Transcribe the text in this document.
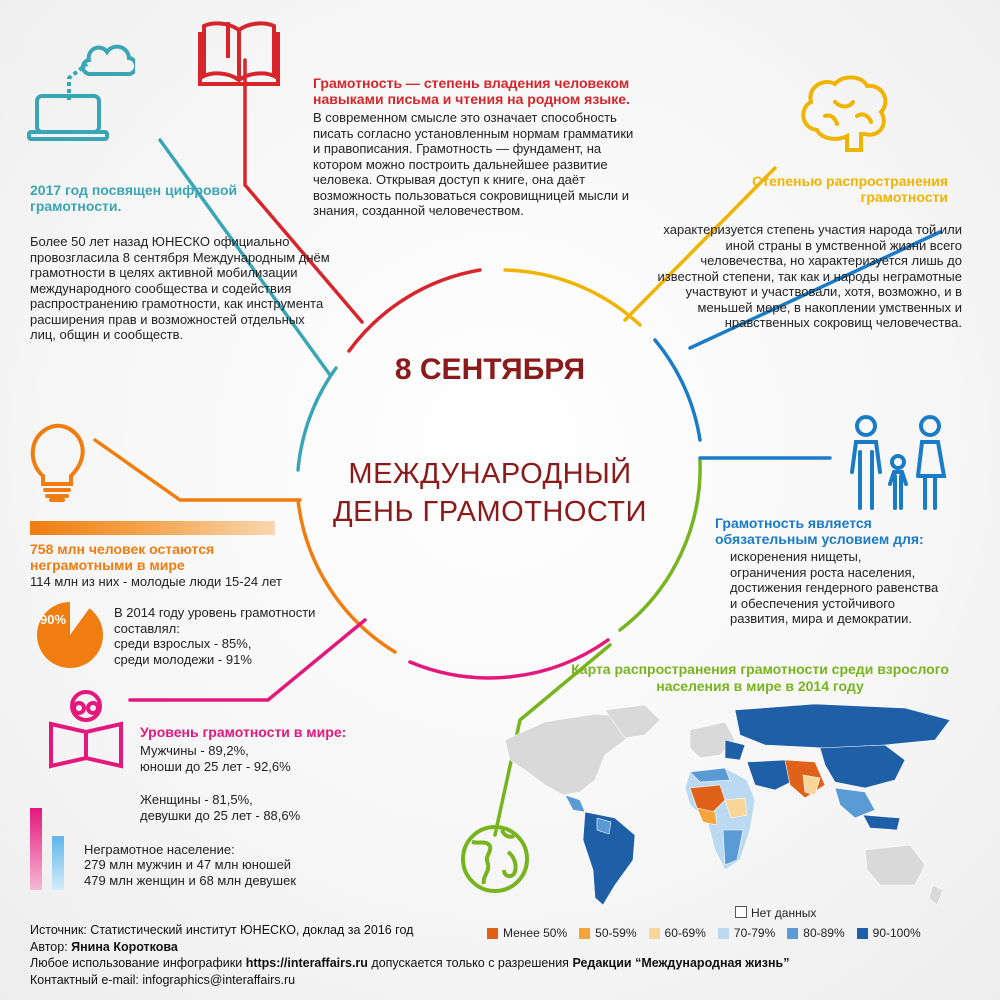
8 СЕНТЯБРЯ
МЕЖДУНАРОДНЫЙ ДЕНЬ ГРАМОТНОСТИ
Грамотность — степень владения человеком навыками письма и чтения на родном языке.
В современном смысле это означает способность писать согласно установленным нормам грамматики и правописания. Грамотность — фундамент, на котором можно построить дальнейшее развитие человека. Открывая доступ к книге, она даёт возможность пользоваться сокровищницей мысли и знания, созданной человечеством.
2017 год посвящен цифровой грамотности.
Более 50 лет назад ЮНЕСКО официально провозгласила 8 сентября Международным днём грамотности в целях активной мобилизации международного сообщества и содействия распространению грамотности, как инструмента расширения прав и возможностей отдельных лиц, общин и сообществ.
Степенью распространения грамотности
характеризуется степень участия народа той или иной страны в умственной жизни всего человечества, но характеризуется лишь до известной степени, так как и народы неграмотные участвуют и участвовали, хотя, возможно, и в меньшей мере, в накоплении умственных и нравственных сокровищ человечества.
Грамотность является обязательным условием для:
искоренения нищеты,
ограничения роста населения,
достижения гендерного равенства
и обеспечения устойчивого
развития, мира и демократии.
758 млн человек остаются неграмотными в мире
114 млн из них - молодые люди 15-24 лет
90%	В 2014 году уровень грамотности
составлял:
среди взрослых - 85%,
среди молодежи - 91%
Уровень грамотности в мире:
Мужчины - 89,2%,
юноши до 25 лет - 92,6%
Женщины - 81,5%,
девушки до 25 лет - 88,6%
Неграмотное население:
279 млн мужчин и 47 млн юношей
479 млн женщин и 68 млн девушек
Карта распространения грамотности среди взрослого населения в мире в 2014 году
Нет данных
Менее 50% 50-59% 60-69% 70-79% 80-89% 90-100%
Источник: Статистический институт ЮНЕСКО, доклад за 2016 год
Автор: Янина Короткова
Любое использование инфографики https://interaffairs.ru допускается только с разрешения Редакции “Международная жизнь”
Контактный e-mail: infographics@interaffairs.ru
